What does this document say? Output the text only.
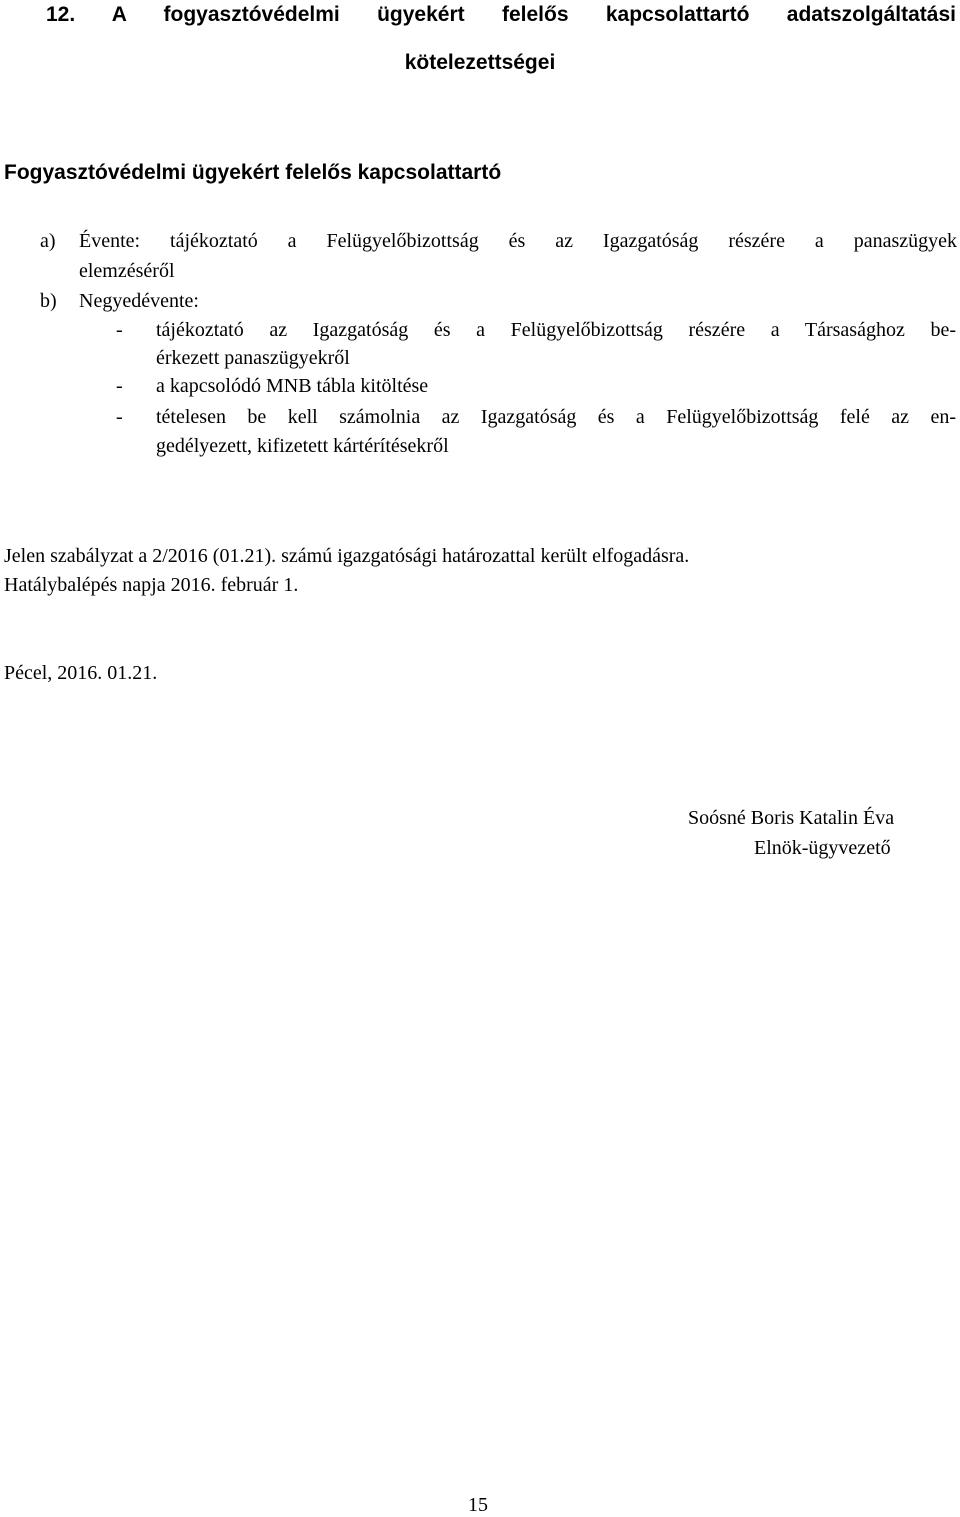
12. A fogyasztóvédelmi ügyekért felelős kapcsolattartó adatszolgáltatási
kötelezettségei
Fogyasztóvédelmi ügyekért felelős kapcsolattartó
a) Évente: tájékoztató a Felügyelőbizottság és az Igazgatóság részére a panaszügyek
elemzéséről
b) Negyedévente:
- tájékoztató az Igazgatóság és a Felügyelőbizottság részére a Társasághoz be-
érkezett panaszügyekről
- a kapcsolódó MNB tábla kitöltése
- tételesen be kell számolnia az Igazgatóság és a Felügyelőbizottság felé az en-
gedélyezett, kifizetett kártérítésekről

Jelen szabályzat a 2/2016 (01.21). számú igazgatósági határozattal került elfogadásra.

Hatálybalépés napja 2016. február 1.

Pécel, 2016. 01.21.

Soósné Boris Katalin Éva

Elnök-ügyvezető

15
